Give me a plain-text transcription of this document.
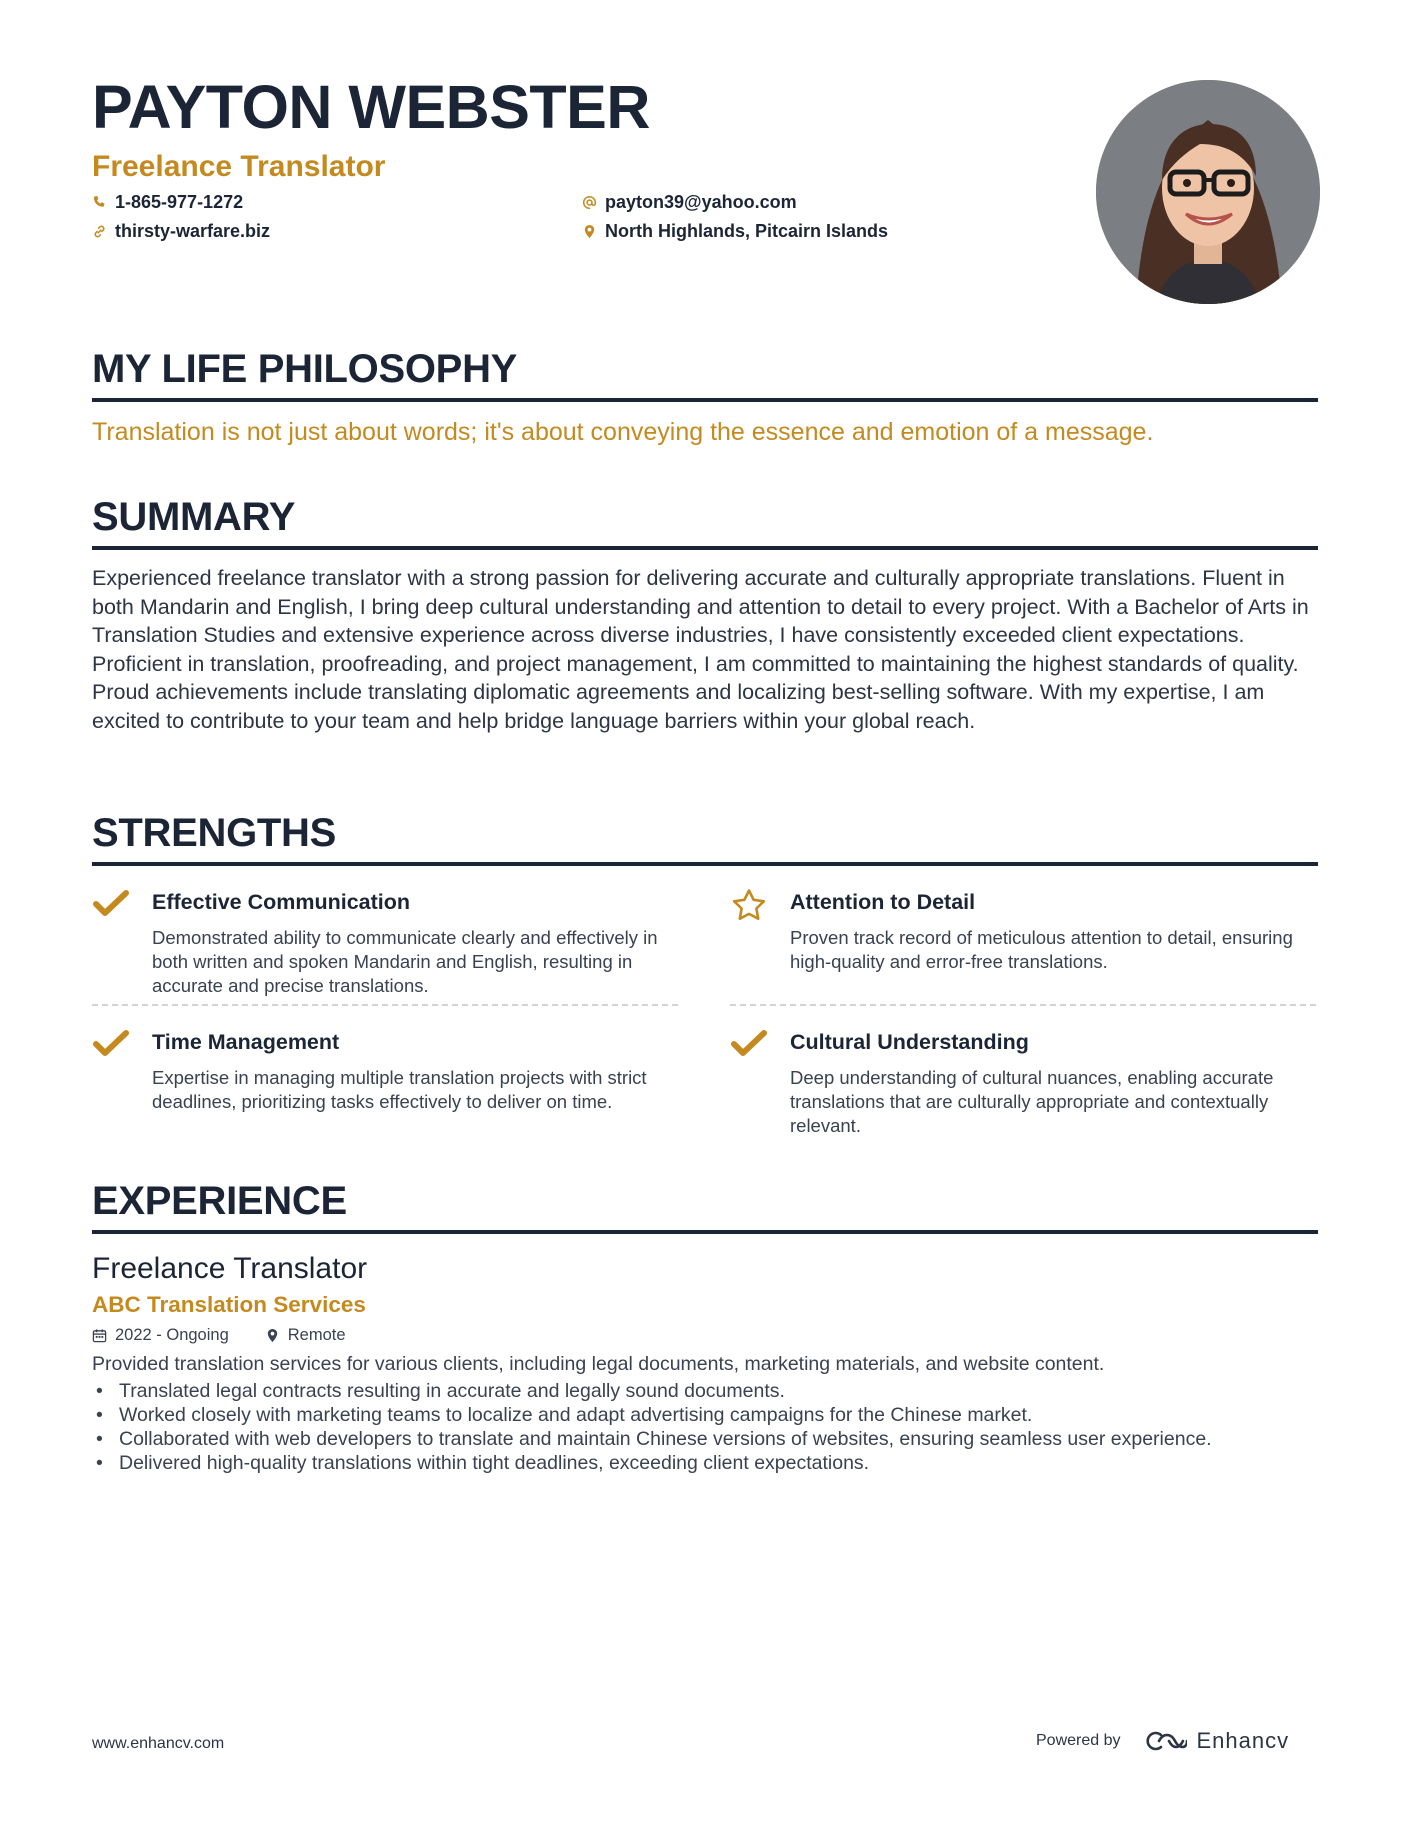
PAYTON WEBSTER
Freelance Translator
1-865-977-1272
thirsty-warfare.biz
payton39@yahoo.com
North Highlands, Pitcairn Islands
MY LIFE PHILOSOPHY
Translation is not just about words; it's about conveying the essence and emotion of a message.
SUMMARY
Experienced freelance translator with a strong passion for delivering accurate and culturally appropriate translations. Fluent in both Mandarin and English, I bring deep cultural understanding and attention to detail to every project. With a Bachelor of Arts in Translation Studies and extensive experience across diverse industries, I have consistently exceeded client expectations. Proficient in translation, proofreading, and project management, I am committed to maintaining the highest standards of quality. Proud achievements include translating diplomatic agreements and localizing best-selling software. With my expertise, I am excited to contribute to your team and help bridge language barriers within your global reach.
STRENGTHS
Effective Communication
Demonstrated ability to communicate clearly and effectively in both written and spoken Mandarin and English, resulting in accurate and precise translations.
Attention to Detail
Proven track record of meticulous attention to detail, ensuring high-quality and error-free translations.
Time Management
Expertise in managing multiple translation projects with strict deadlines, prioritizing tasks effectively to deliver on time.
Cultural Understanding
Deep understanding of cultural nuances, enabling accurate translations that are culturally appropriate and contextually relevant.
EXPERIENCE
Freelance Translator
ABC Translation Services
2022 - Ongoing	Remote
Provided translation services for various clients, including legal documents, marketing materials, and website content.
• Translated legal contracts resulting in accurate and legally sound documents.
• Worked closely with marketing teams to localize and adapt advertising campaigns for the Chinese market.
• Collaborated with web developers to translate and maintain Chinese versions of websites, ensuring seamless user experience.
• Delivered high-quality translations within tight deadlines, exceeding client expectations.
www.enhancv.com	Powered by	Enhancv
